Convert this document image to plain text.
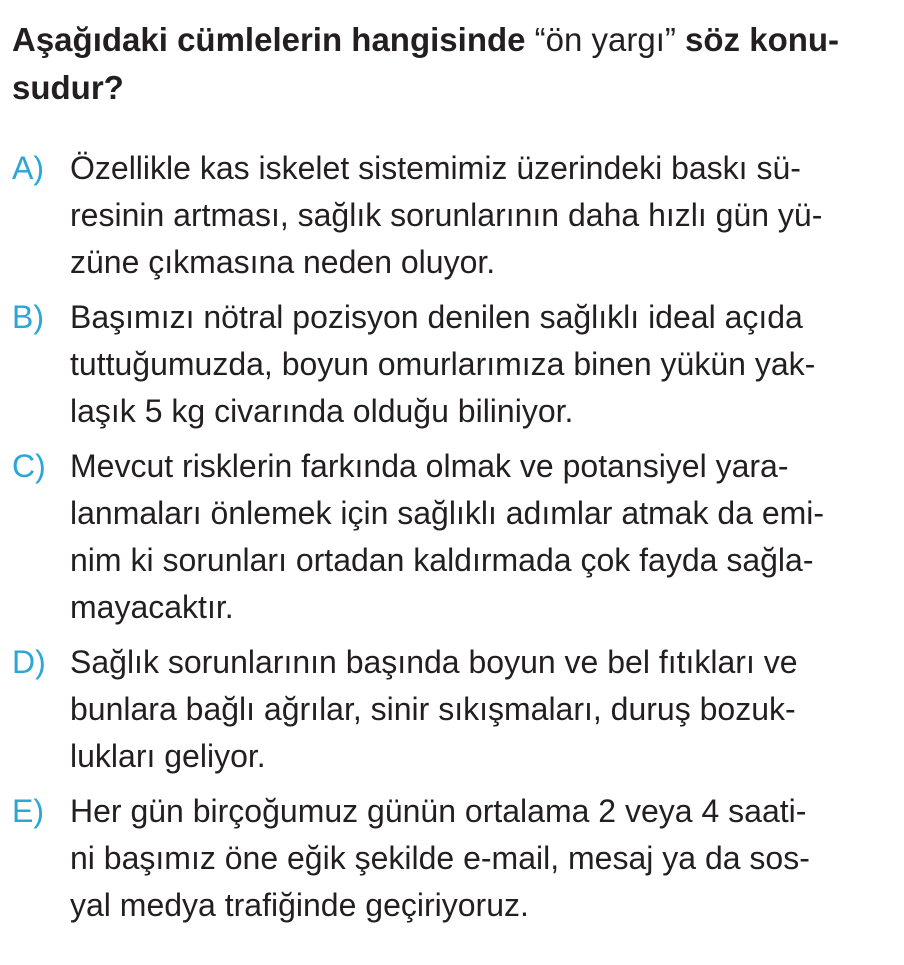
Aşağıdaki cümlelerin hangisinde “ön yargı” söz konu-
sudur?
A) Özellikle kas iskelet sistemimiz üzerindeki baskı sü-
resinin artması, sağlık sorunlarının daha hızlı gün yü-
züne çıkmasına neden oluyor.
B) Başımızı nötral pozisyon denilen sağlıklı ideal açıda
tuttuğumuzda, boyun omurlarımıza binen yükün yak-
laşık 5 kg civarında olduğu biliniyor.
C) Mevcut risklerin farkında olmak ve potansiyel yara-
lanmaları önlemek için sağlıklı adımlar atmak da emi-
nim ki sorunları ortadan kaldırmada çok fayda sağla-
mayacaktır.
D) Sağlık sorunlarının başında boyun ve bel fıtıkları ve
bunlara bağlı ağrılar, sinir sıkışmaları, duruş bozuk-
lukları geliyor.
E) Her gün birçoğumuz günün ortalama 2 veya 4 saati-
ni başımız öne eğik şekilde e-mail, mesaj ya da sos-
yal medya trafiğinde geçiriyoruz.
